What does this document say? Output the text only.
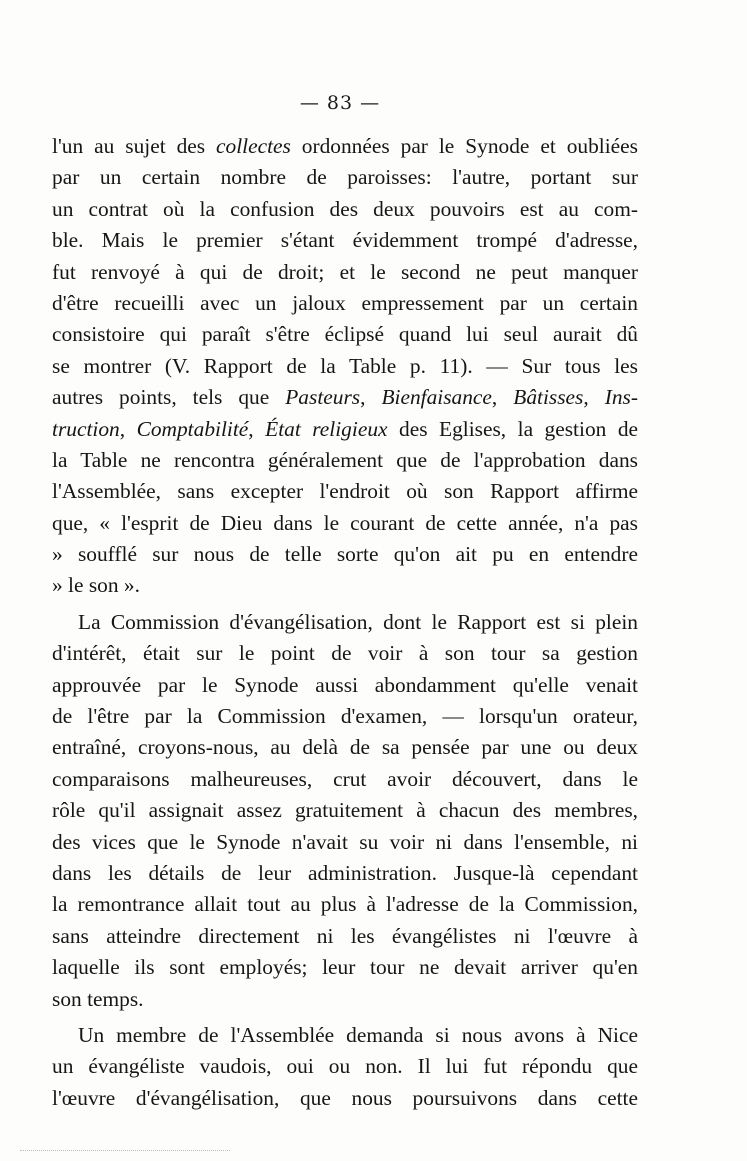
— 83 —
l'un au sujet des collectes ordonnées par le Synode et oubliées
par un certain nombre de paroisses: l'autre, portant sur
un contrat où la confusion des deux pouvoirs est au com-
ble. Mais le premier s'étant évidemment trompé d'adresse,
fut renvoyé à qui de droit; et le second ne peut manquer
d'être recueilli avec un jaloux empressement par un certain
consistoire qui paraît s'être éclipsé quand lui seul aurait dû
se montrer (V. Rapport de la Table p. 11). — Sur tous les
autres points, tels que Pasteurs, Bienfaisance, Bâtisses, Ins-
truction, Comptabilité, État religieux des Eglises, la gestion de
la Table ne rencontra généralement que de l'approbation dans
l'Assemblée, sans excepter l'endroit où son Rapport affirme
que, « l'esprit de Dieu dans le courant de cette année, n'a pas
» soufflé sur nous de telle sorte qu'on ait pu en entendre
» le son ».
La Commission d'évangélisation, dont le Rapport est si plein
d'intérêt, était sur le point de voir à son tour sa gestion
approuvée par le Synode aussi abondamment qu'elle venait
de l'être par la Commission d'examen, — lorsqu'un orateur,
entraîné, croyons-nous, au delà de sa pensée par une ou deux
comparaisons malheureuses, crut avoir découvert, dans le
rôle qu'il assignait assez gratuitement à chacun des membres,
des vices que le Synode n'avait su voir ni dans l'ensemble, ni
dans les détails de leur administration. Jusque-là cependant
la remontrance allait tout au plus à l'adresse de la Commission,
sans atteindre directement ni les évangélistes ni l'œuvre à
laquelle ils sont employés; leur tour ne devait arriver qu'en
son temps.
Un membre de l'Assemblée demanda si nous avons à Nice
un évangéliste vaudois, oui ou non. Il lui fut répondu que
l'œuvre d'évangélisation, que nous poursuivons dans cette
